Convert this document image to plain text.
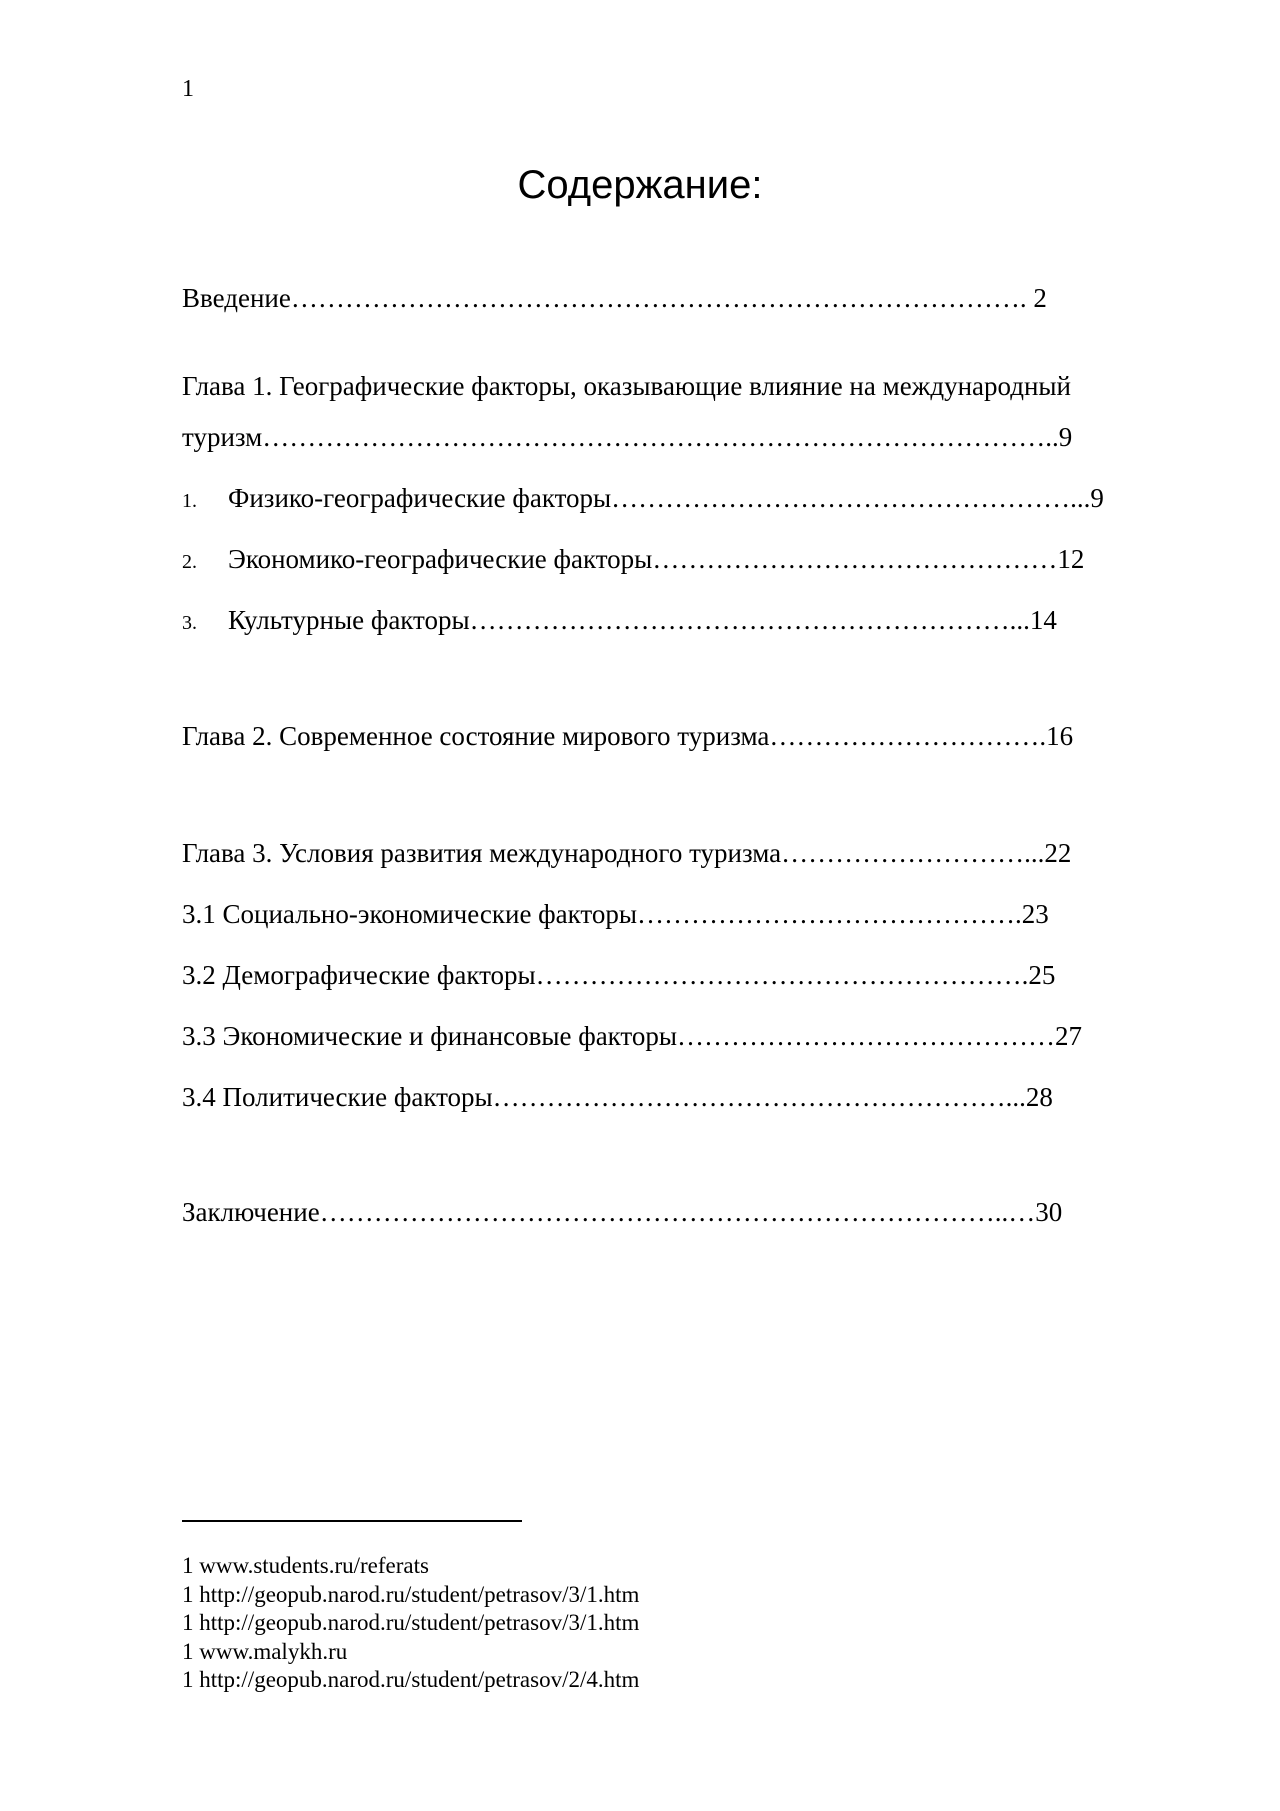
1
Содержание:
Введение………………………………………………………………………. 2
Глава 1. Географические факторы, оказывающие влияние на международный
туризм……………………………………………………………………………..9
1. Физико-географические факторы……………………………………………...9
2. Экономико-географические факторы………………………………………12
3. Культурные факторы……………………………………………………...14
Глава 2. Современное состояние мирового туризма………………………….16
Глава 3. Условия развития международного туризма………………………...22
3.1 Социально-экономические факторы…………………………………….23
3.2 Демографические факторы……………………………………………….25
3.3 Экономические и финансовые факторы……………………………………27
3.4 Политические факторы…………………………………………………...28
Заключение…………………………………………………………………..…30
1 www.students.ru/referats
1 http://geopub.narod.ru/student/petrasov/3/1.htm
1 http://geopub.narod.ru/student/petrasov/3/1.htm
1 www.malykh.ru
1 http://geopub.narod.ru/student/petrasov/2/4.htm
